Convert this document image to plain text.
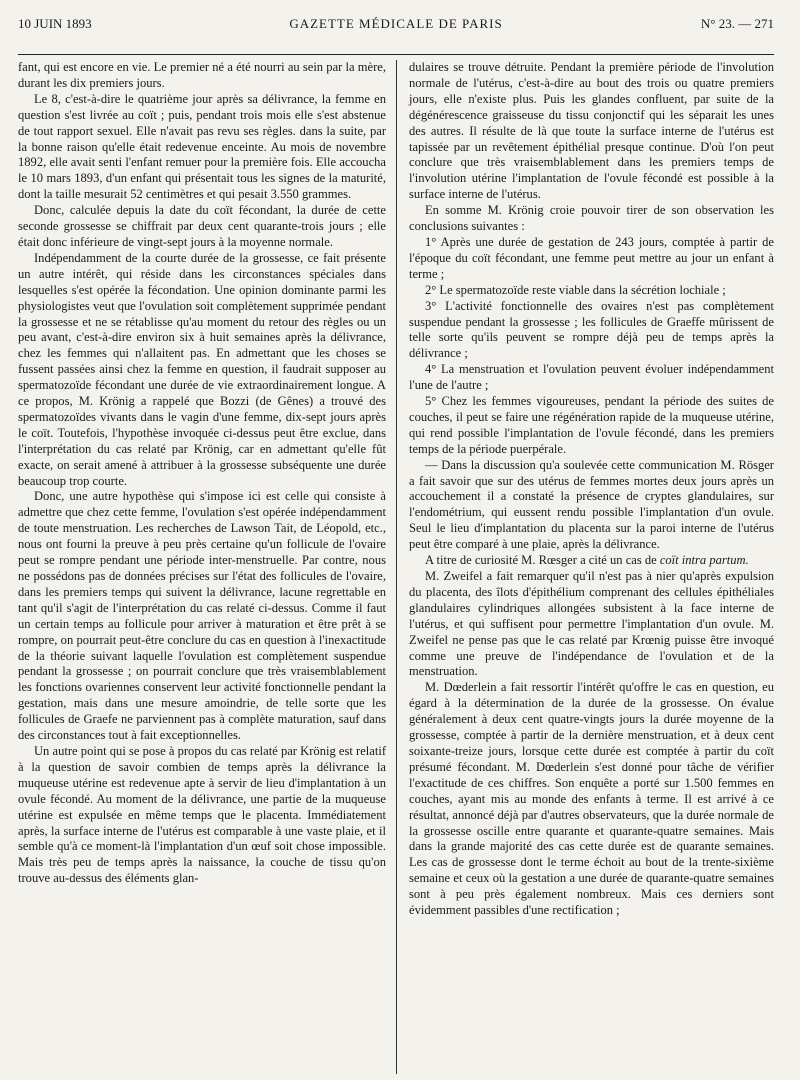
10 JUIN 1893	GAZETTE MÉDICALE DE PARIS	N° 23. — 271

fant, qui est encore en vie. Le premier né a été nourri au sein par la mère, durant les dix premiers jours.

Le 8, c'est-à-dire le quatrième jour après sa délivrance, la femme en question s'est livrée au coït ; puis, pendant trois mois elle s'est abstenue de tout rapport sexuel. Elle n'avait pas revu ses règles. dans la suite, par la bonne raison qu'elle était redevenue enceinte. Au mois de novembre 1892, elle avait senti l'enfant remuer pour la première fois. Elle accoucha le 10 mars 1893, d'un enfant qui présentait tous les signes de la maturité, dont la taille mesurait 52 centimètres et qui pesait 3.550 grammes.

Donc, calculée depuis la date du coït fécondant, la durée de cette seconde grossesse se chiffrait par deux cent quarante-trois jours ; elle était donc inférieure de vingt-sept jours à la moyenne normale.

Indépendamment de la courte durée de la grossesse, ce fait présente un autre intérêt, qui réside dans les circonstances spéciales dans lesquelles s'est opérée la fécondation. Une opinion dominante parmi les physiologistes veut que l'ovulation soit complètement supprimée pendant la grossesse et ne se rétablisse qu'au moment du retour des règles ou un peu avant, c'est-à-dire environ six à huit semaines après la délivrance, chez les femmes qui n'allaitent pas. En admettant que les choses se fussent passées ainsi chez la femme en question, il faudrait supposer au spermatozoïde fécondant une durée de vie extraordinairement longue. A ce propos, M. Krönig a rappelé que Bozzi (de Gênes) a trouvé des spermatozoïdes vivants dans le vagin d'une femme, dix-sept jours après le coït. Toutefois, l'hypothèse invoquée ci-dessus peut être exclue, dans l'interprétation du cas relaté par Krönig, car en admettant qu'elle fût exacte, on serait amené à attribuer à la grossesse subséquente une durée beaucoup trop courte.

Donc, une autre hypothèse qui s'impose ici est celle qui consiste à admettre que chez cette femme, l'ovulation s'est opérée indépendamment de toute menstruation. Les recherches de Lawson Tait, de Léopold, etc., nous ont fourni la preuve à peu près certaine qu'un follicule de l'ovaire peut se rompre pendant une période inter-menstruelle. Par contre, nous ne possédons pas de données précises sur l'état des follicules de l'ovaire, dans les premiers temps qui suivent la délivrance, lacune regrettable en tant qu'il s'agit de l'interprétation du cas relaté ci-dessus. Comme il faut un certain temps au follicule pour arriver à maturation et être prêt à se rompre, on pourrait peut-être conclure du cas en question à l'inexactitude de la théorie suivant laquelle l'ovulation est complètement suspendue pendant la grossesse ; on pourrait conclure que très vraisemblablement les fonctions ovariennes conservent leur activité fonctionnelle pendant la gestation, mais dans une mesure amoindrie, de telle sorte que les follicules de Graefe ne parviennent pas à complète maturation, sauf dans des circonstances tout à fait exceptionnelles.

Un autre point qui se pose à propos du cas relaté par Krönig est relatif à la question de savoir combien de temps après la délivrance la muqueuse utérine est redevenue apte à servir de lieu d'implantation à un ovule fécondé. Au moment de la délivrance, une partie de la muqueuse utérine est expulsée en même temps que le placenta. Immédiatement après, la surface interne de l'utérus est comparable à une vaste plaie, et il semble qu'à ce moment-là l'implantation d'un œuf soit chose impossible. Mais très peu de temps après la naissance, la couche de tissu qu'on trouve au-dessus des éléments glan-

dulaires se trouve détruite. Pendant la première période de l'involution normale de l'utérus, c'est-à-dire au bout des trois ou quatre premiers jours, elle n'existe plus. Puis les glandes confluent, par suite de la dégénérescence graisseuse du tissu conjonctif qui les séparait les unes des autres. Il résulte de là que toute la surface interne de l'utérus est tapissée par un revêtement épithélial presque continue. D'où l'on peut conclure que très vraisemblablement dans les premiers temps de l'involution utérine l'implantation de l'ovule fécondé est possible à la surface interne de l'utérus.

En somme M. Krönig croie pouvoir tirer de son observation les conclusions suivantes :

1° Après une durée de gestation de 243 jours, comptée à partir de l'époque du coït fécondant, une femme peut mettre au jour un enfant à terme ;

2° Le spermatozoïde reste viable dans la sécrétion lochiale ;

3° L'activité fonctionnelle des ovaires n'est pas complètement suspendue pendant la grossesse ; les follicules de Graeffe mûrissent de telle sorte qu'ils peuvent se rompre déjà peu de temps après la délivrance ;

4° La menstruation et l'ovulation peuvent évoluer indépendamment l'une de l'autre ;

5° Chez les femmes vigoureuses, pendant la période des suites de couches, il peut se faire une régénération rapide de la muqueuse utérine, qui rend possible l'implantation de l'ovule fécondé, dans les premiers temps de la période puerpérale.

— Dans la discussion qu'a soulevée cette communication M. Rösger a fait savoir que sur des utérus de femmes mortes deux jours après un accouchement il a constaté la présence de cryptes glandulaires, sur l'endométrium, qui eussent rendu possible l'implantation d'un ovule. Seul le lieu d'implantation du placenta sur la paroi interne de l'utérus peut être comparé à une plaie, après la délivrance.

A titre de curiosité M. Rœsger a cité un cas de coït intra partum.

M. Zweifel a fait remarquer qu'il n'est pas à nier qu'après expulsion du placenta, des îlots d'épithélium comprenant des cellules épithéliales glandulaires cylindriques allongées subsistent à la face interne de l'utérus, et qui suffisent pour permettre l'implantation d'un ovule. M. Zweifel ne pense pas que le cas relaté par Krœnig puisse être invoqué comme une preuve de l'indépendance de l'ovulation et de la menstruation.

M. Dœderlein a fait ressortir l'intérêt qu'offre le cas en question, eu égard à la détermination de la durée de la grossesse. On évalue généralement à deux cent quatre-vingts jours la durée moyenne de la grossesse, comptée à partir de la dernière menstruation, et à deux cent soixante-treize jours, lorsque cette durée est comptée à partir du coït présumé fécondant. M. Dœderlein s'est donné pour tâche de vérifier l'exactitude de ces chiffres. Son enquête a porté sur 1.500 femmes en couches, ayant mis au monde des enfants à terme. Il est arrivé à ce résultat, annoncé déjà par d'autres observateurs, que la durée normale de la grossesse oscille entre quarante et quarante-quatre semaines. Mais dans la grande majorité des cas cette durée est de quarante semaines. Les cas de grossesse dont le terme échoit au bout de la trente-sixième semaine et ceux où la gestation a une durée de quarante-quatre semaines sont à peu près également nombreux. Mais ces derniers sont évidemment passibles d'une rectification ;
